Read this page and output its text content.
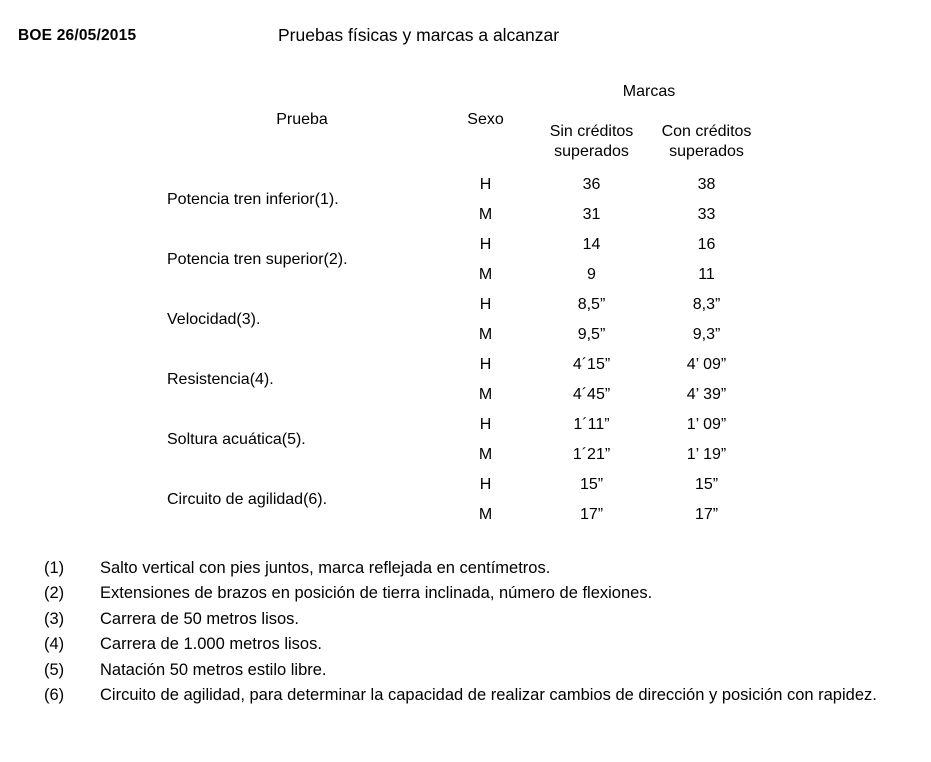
BOE 26/05/2015	Pruebas físicas y marcas a alcanzar
Prueba	Sexo	Marcas	
		Sin créditos superados	Con créditos superados
Potencia tren inferior(1).	H	36	38
	M	31	33
Potencia tren superior(2).	H	14	16
	M	9	11
Velocidad(3).	H	8,5”	8,3”
	M	9,5”	9,3”
Resistencia(4).	H	4´15”	4’ 09”
	M	4´45”	4’ 39”
Soltura acuática(5).	H	1´11”	1’ 09”
	M	1´21”	1’ 19”
Circuito de agilidad(6).	H	15”	15”
	M	17”	17”
(1)	Salto vertical con pies juntos, marca reflejada en centímetros.
(2)	Extensiones de brazos en posición de tierra inclinada, número de flexiones.
(3)	Carrera de 50 metros lisos.
(4)	Carrera de 1.000 metros lisos.
(5)	Natación 50 metros estilo libre.
(6)	Circuito de agilidad, para determinar la capacidad de realizar cambios de dirección y posición con rapidez.
